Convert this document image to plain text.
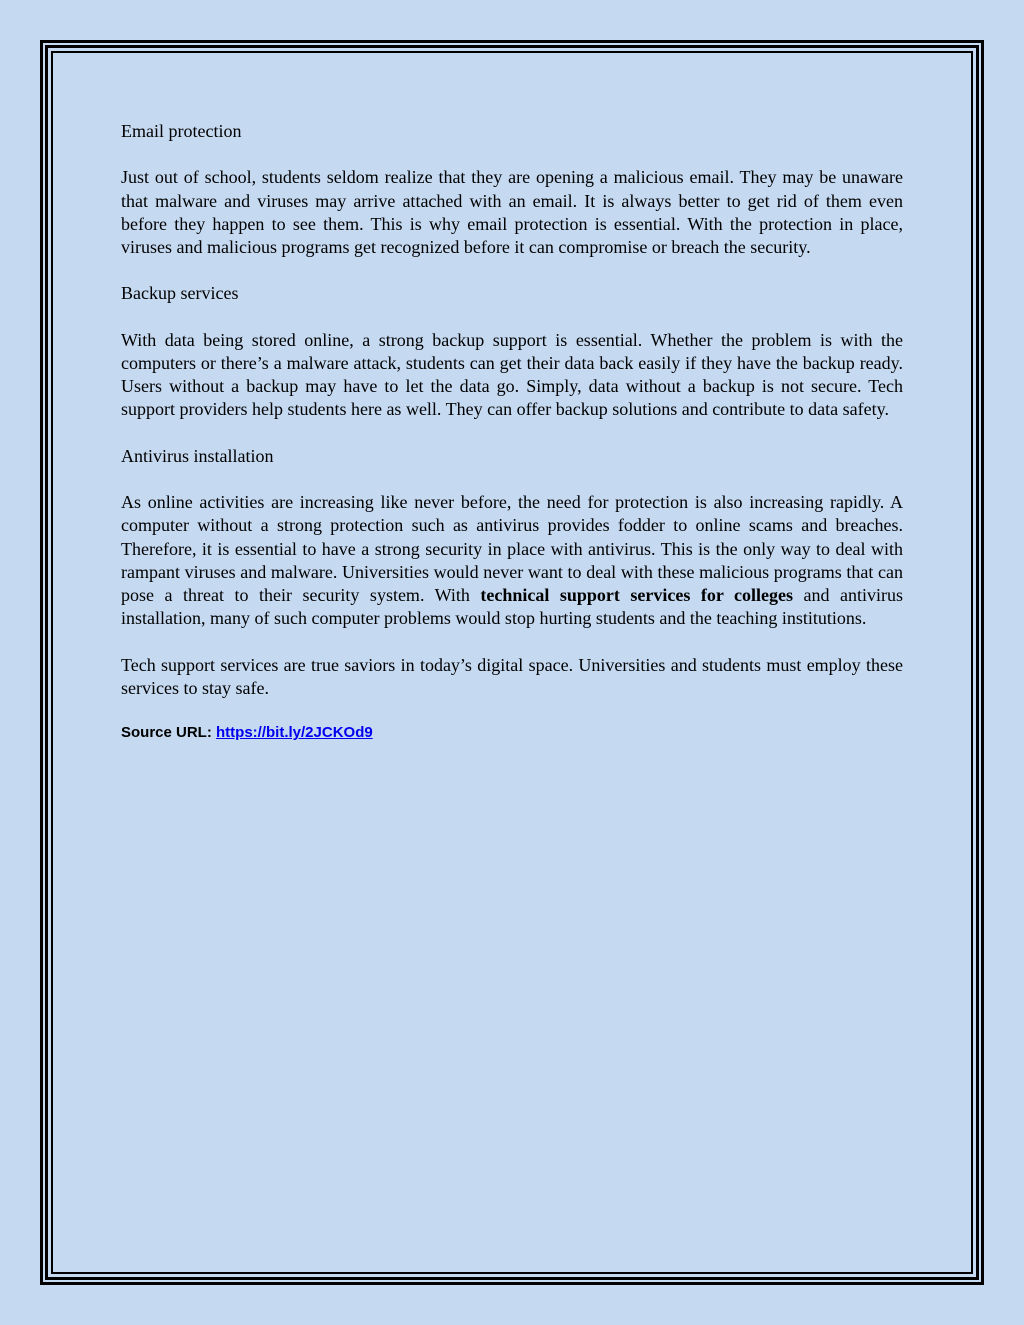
Email protection

Just out of school, students seldom realize that they are opening a malicious email. They may be unaware that malware and viruses may arrive attached with an email. It is always better to get rid of them even before they happen to see them. This is why email protection is essential. With the protection in place, viruses and malicious programs get recognized before it can compromise or breach the security.

Backup services

With data being stored online, a strong backup support is essential. Whether the problem is with the computers or there’s a malware attack, students can get their data back easily if they have the backup ready. Users without a backup may have to let the data go. Simply, data without a backup is not secure. Tech support providers help students here as well. They can offer backup solutions and contribute to data safety.

Antivirus installation

As online activities are increasing like never before, the need for protection is also increasing rapidly. A computer without a strong protection such as antivirus provides fodder to online scams and breaches. Therefore, it is essential to have a strong security in place with antivirus. This is the only way to deal with rampant viruses and malware. Universities would never want to deal with these malicious programs that can pose a threat to their security system. With technical support services for colleges and antivirus installation, many of such computer problems would stop hurting students and the teaching institutions.

Tech support services are true saviors in today’s digital space. Universities and students must employ these services to stay safe.

Source URL: https://bit.ly/2JCKOd9
